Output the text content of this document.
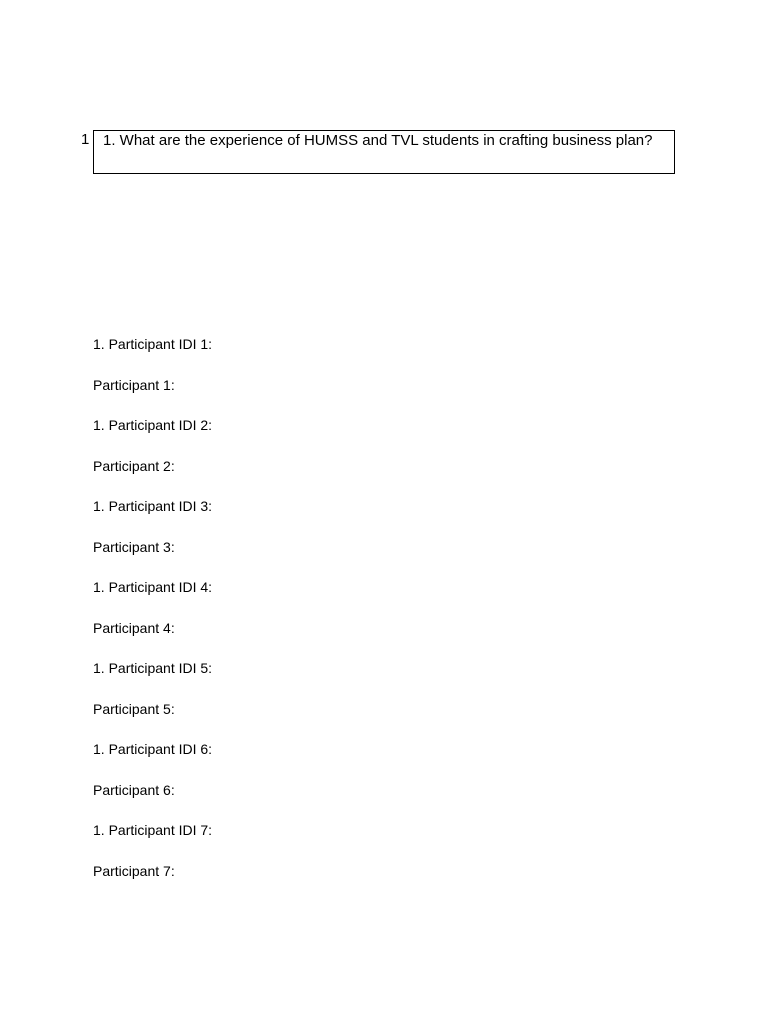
1 1. What are the experience of HUMSS and TVL students in crafting business plan?
1. Participant IDI 1:
Participant 1:
1. Participant IDI 2:
Participant 2:
1. Participant IDI 3:
Participant 3:
1. Participant IDI 4:
Participant 4:
1. Participant IDI 5:
Participant 5:
1. Participant IDI 6:
Participant 6:
1. Participant IDI 7:
Participant 7:
